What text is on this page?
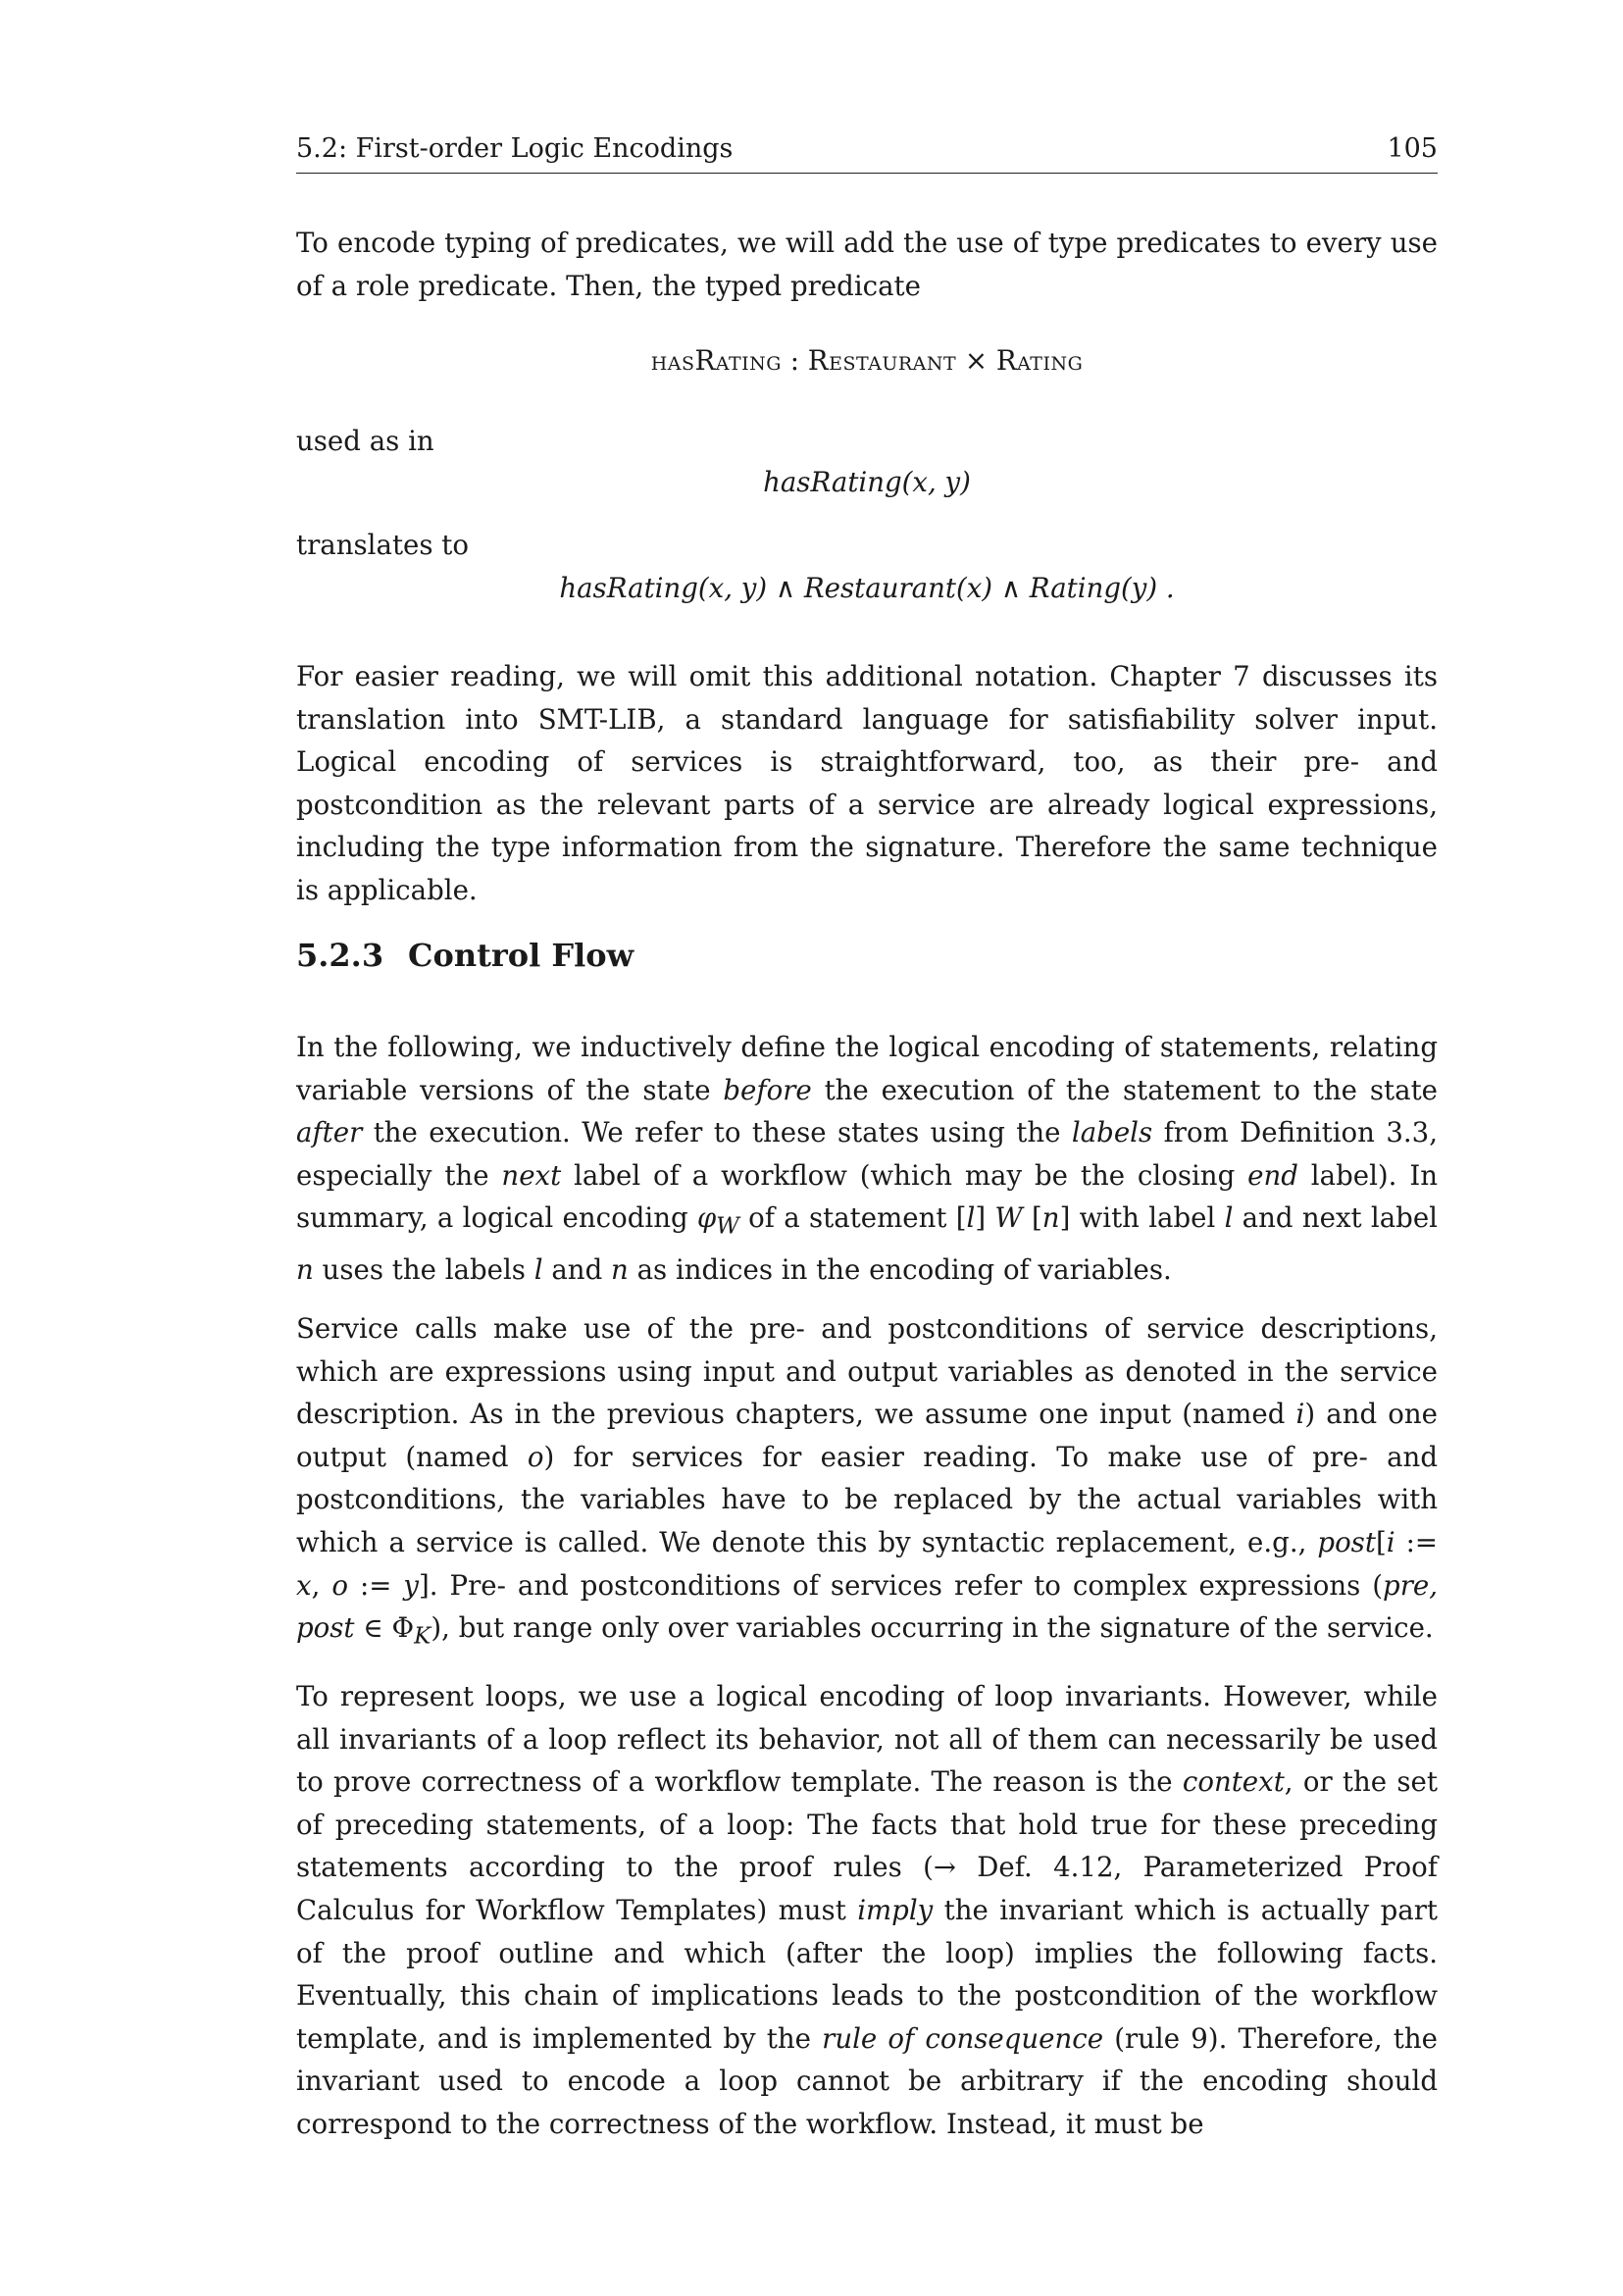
5.2: First-order Logic Encodings	105

To encode typing of predicates, we will add the use of type predicates to every use of a role predicate. Then, the typed predicate

hasRating : Restaurant × Rating
used as in
hasRating(x, y)
translates to
hasRating(x, y) ∧ Restaurant(x) ∧ Rating(y) .

For easier reading, we will omit this additional notation. Chapter 7 discusses its translation into SMT-LIB, a standard language for satisfiability solver input. Logical encoding of services is straightforward, too, as their pre- and postcondition as the relevant parts of a service are already logical expressions, including the type information from the signature. Therefore the same technique is applicable.

5.2.3 Control Flow

In the following, we inductively define the logical encoding of statements, relating variable versions of the state before the execution of the statement to the state after the execution. We refer to these states using the labels from Definition 3.3, especially the next label of a workflow (which may be the closing end label). In summary, a logical encoding $\varphi_W$ of a statement [l] W [n] with label l and next label n uses the labels l and n as indices in the encoding of variables.

Service calls make use of the pre- and postconditions of service descriptions, which are expressions using input and output variables as denoted in the service description. As in the previous chapters, we assume one input (named i) and one output (named o) for services for easier reading. To make use of pre- and postconditions, the variables have to be replaced by the actual variables with which a service is called. We denote this by syntactic replacement, e.g., post[i := x, o := y]. Pre- and postconditions of services refer to complex expressions (pre, post ∈ $\Phi_K$), but range only over variables occurring in the signature of the service.

To represent loops, we use a logical encoding of loop invariants. However, while all invariants of a loop reflect its behavior, not all of them can necessarily be used to prove correctness of a workflow template. The reason is the context, or the set of preceding statements, of a loop: The facts that hold true for these preceding statements according to the proof rules (→ Def. 4.12, Parameterized Proof Calculus for Workflow Templates) must imply the invariant which is actually part of the proof outline and which (after the loop) implies the following facts. Eventually, this chain of implications leads to the postcondition of the workflow template, and is implemented by the rule of consequence (rule 9). Therefore, the invariant used to encode a loop cannot be arbitrary if the encoding should correspond to the correctness of the workflow. Instead, it must be
